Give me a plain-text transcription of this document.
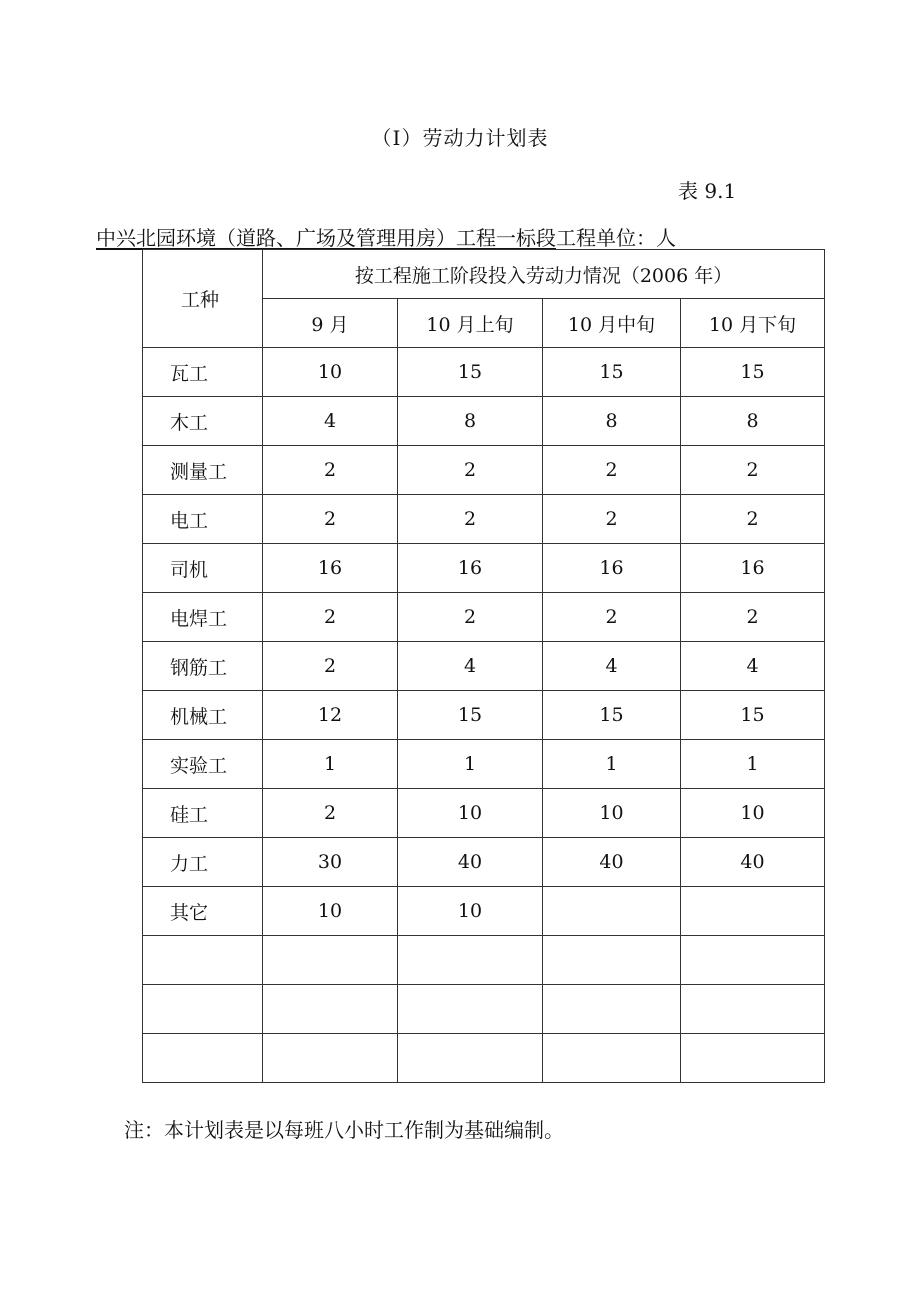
（I）劳动力计划表
表 9.1
中兴北园环境（道路、广场及管理用房）工程一标段工程单位：人
工种	按工程施工阶段投入劳动力情况（2006 年）			
	9 月	10 月上旬	10 月中旬	10 月下旬
瓦工	10	15	15	15
木工	4	8	8	8
测量工	2	2	2	2
电工	2	2	2	2
司机	16	16	16	16
电焊工	2	2	2	2
钢筋工	2	4	4	4
机械工	12	15	15	15
实验工	1	1	1	1
硅工	2	10	10	10
力工	30	40	40	40
其它	10	10		

注：本计划表是以每班八小时工作制为基础编制。
